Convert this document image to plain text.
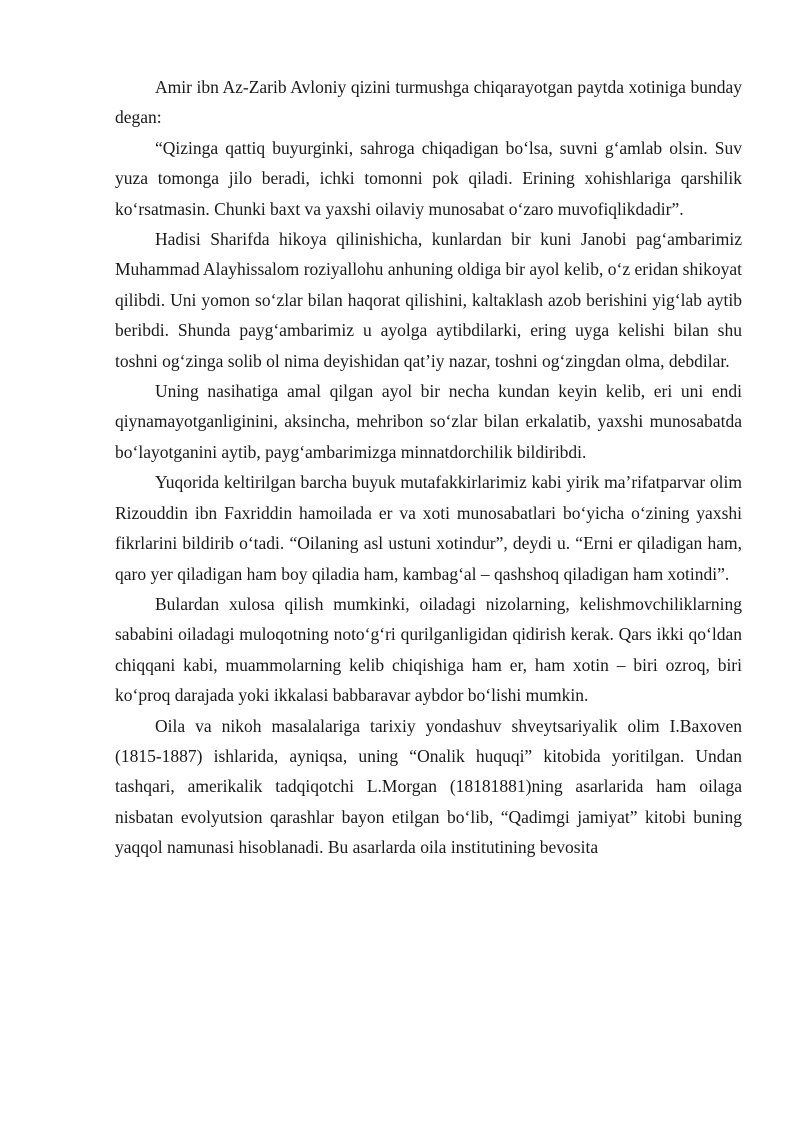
Amir ibn Az-Zarib Avloniy qizini turmushga chiqarayotgan paytda xotiniga bunday degan:

“Qizinga qattiq buyurginki, sahroga chiqadigan bo‘lsa, suvni g‘amlab olsin. Suv yuza tomonga jilo beradi, ichki tomonni pok qiladi. Erining xohishlariga qarshilik ko‘rsatmasin. Chunki baxt va yaxshi oilaviy munosabat o‘zaro muvofiqlikdadir”.

Hadisi Sharifda hikoya qilinishicha, kunlardan bir kuni Janobi pag‘ambarimiz Muhammad Alayhissalom roziyallohu anhuning oldiga bir ayol kelib, o‘z eridan shikoyat qilibdi. Uni yomon so‘zlar bilan haqorat qilishini, kaltaklash azob berishini yig‘lab aytib beribdi. Shunda payg‘ambarimiz u ayolga aytibdilarki, ering uyga kelishi bilan shu toshni og‘zinga solib ol nima deyishidan qat’iy nazar, toshni og‘zingdan olma, debdilar.

Uning nasihatiga amal qilgan ayol bir necha kundan keyin kelib, eri uni endi qiynamayotganliginini, aksincha, mehribon so‘zlar bilan erkalatib, yaxshi munosabatda bo‘layotganini aytib, payg‘ambarimizga minnatdorchilik bildiribdi.

Yuqorida keltirilgan barcha buyuk mutafakkirlarimiz kabi yirik ma’rifatparvar olim Rizouddin ibn Faxriddin hamoilada er va xoti munosabatlari bo‘yicha o‘zining yaxshi fikrlarini bildirib o‘tadi. “Oilaning asl ustuni xotindur”, deydi u. “Erni er qiladigan ham, qaro yer qiladigan ham boy qiladia ham, kambag‘al – qashshoq qiladigan ham xotindi”.

Bulardan xulosa qilish mumkinki, oiladagi nizolarning, kelishmovchiliklarning sababini oiladagi muloqotning noto‘g‘ri qurilganligidan qidirish kerak. Qars ikki qo‘ldan chiqqani kabi, muammolarning kelib chiqishiga ham er, ham xotin – biri ozroq, biri ko‘proq darajada yoki ikkalasi babbaravar aybdor bo‘lishi mumkin.

Oila va nikoh masalalariga tarixiy yondashuv shveytsariyalik olim I.Baxoven (1815-1887) ishlarida, ayniqsa, uning “Onalik huquqi” kitobida yoritilgan. Undan tashqari, amerikalik tadqiqotchi L.Morgan (18181881)ning asarlarida ham oilaga nisbatan evolyutsion qarashlar bayon etilgan bo‘lib, “Qadimgi jamiyat” kitobi buning yaqqol namunasi hisoblanadi. Bu asarlarda oila institutining bevosita
